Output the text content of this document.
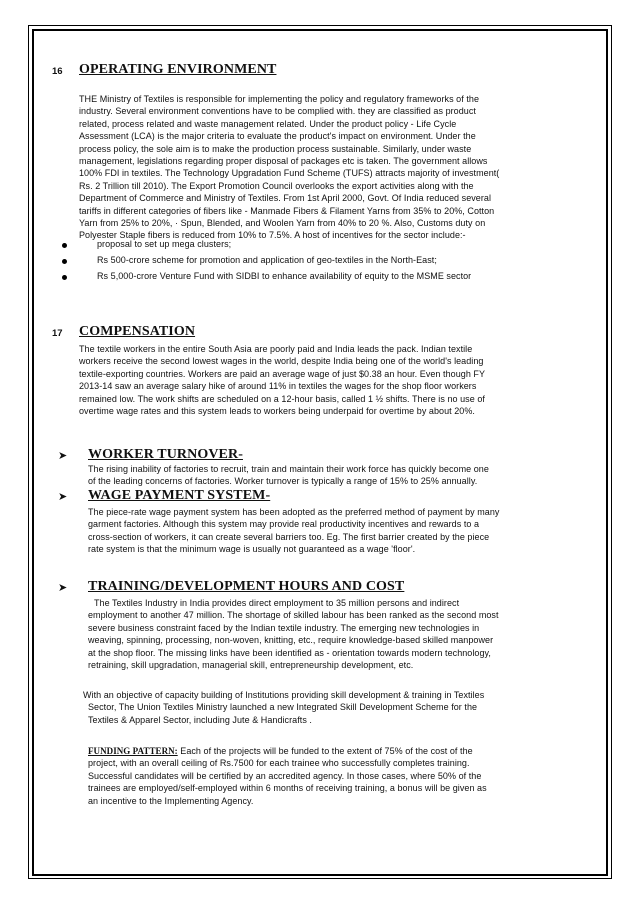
16 OPERATING ENVIRONMENT
THE Ministry of Textiles is responsible for implementing the policy and regulatory frameworks of the
industry. Several environment conventions have to be complied with. they are classified as product
related, process related and waste management related. Under the product policy - Life Cycle
Assessment (LCA) is the major criteria to evaluate the product's impact on environment. Under the
process policy, the sole aim is to make the production process sustainable. Similarly, under waste
management, legislations regarding proper disposal of packages etc is taken. The government allows
100% FDI in textiles. The Technology Upgradation Fund Scheme (TUFS) attracts majority of investment(
Rs. 2 Trillion till 2010). The Export Promotion Council overlooks the export activities along with the
Department of Commerce and Ministry of Textiles. From 1st April 2000, Govt. Of India reduced several
tariffs in different categories of fibers like - Manmade Fibers & Filament Yarns from 35% to 20%, Cotton
Yarn from 25% to 20%, · Spun, Blended, and Woolen Yarn from 40% to 20 %. Also, Customs duty on
Polyester Staple fibers is reduced from 10% to 7.5%. A host of incentives for the sector include:-
proposal to set up mega clusters;
Rs 500-crore scheme for promotion and application of geo-textiles in the North-East;
Rs 5,000-crore Venture Fund with SIDBI to enhance availability of equity to the MSME sector
17 COMPENSATION
The textile workers in the entire South Asia are poorly paid and India leads the pack. Indian textile
workers receive the second lowest wages in the world, despite India being one of the world's leading
textile-exporting countries. Workers are paid an average wage of just $0.38 an hour. Even though FY
2013-14 saw an average salary hike of around 11% in textiles the wages for the shop floor workers
remained low. The work shifts are scheduled on a 12-hour basis, called 1 ½ shifts. There is no use of
overtime wage rates and this system leads to workers being underpaid for overtime by about 20%.
➤ WORKER TURNOVER-
The rising inability of factories to recruit, train and maintain their work force has quickly become one
of the leading concerns of factories. Worker turnover is typically a range of 15% to 25% annually.
➤ WAGE PAYMENT SYSTEM-
The piece-rate wage payment system has been adopted as the preferred method of payment by many
garment factories. Although this system may provide real productivity incentives and rewards to a
cross-section of workers, it can create several barriers too. Eg. The first barrier created by the piece
rate system is that the minimum wage is usually not guaranteed as a wage 'floor'.
➤ TRAINING/DEVELOPMENT HOURS AND COST
The Textiles Industry in India provides direct employment to 35 million persons and indirect
employment to another 47 million. The shortage of skilled labour has been ranked as the second most
severe business constraint faced by the Indian textile industry. The emerging new technologies in
weaving, spinning, processing, non-woven, knitting, etc., require knowledge-based skilled manpower
at the shop floor. The missing links have been identified as - orientation towards modern technology,
retraining, skill upgradation, managerial skill, entrepreneurship development, etc.
With an objective of capacity building of Institutions providing skill development & training in Textiles
Sector, The Union Textiles Ministry launched a new Integrated Skill Development Scheme for the
Textiles & Apparel Sector, including Jute & Handicrafts .
FUNDING PATTERN: Each of the projects will be funded to the extent of 75% of the cost of the
project, with an overall ceiling of Rs.7500 for each trainee who successfully completes training.
Successful candidates will be certified by an accredited agency. In those cases, where 50% of the
trainees are employed/self-employed within 6 months of receiving training, a bonus will be given as
an incentive to the Implementing Agency.
